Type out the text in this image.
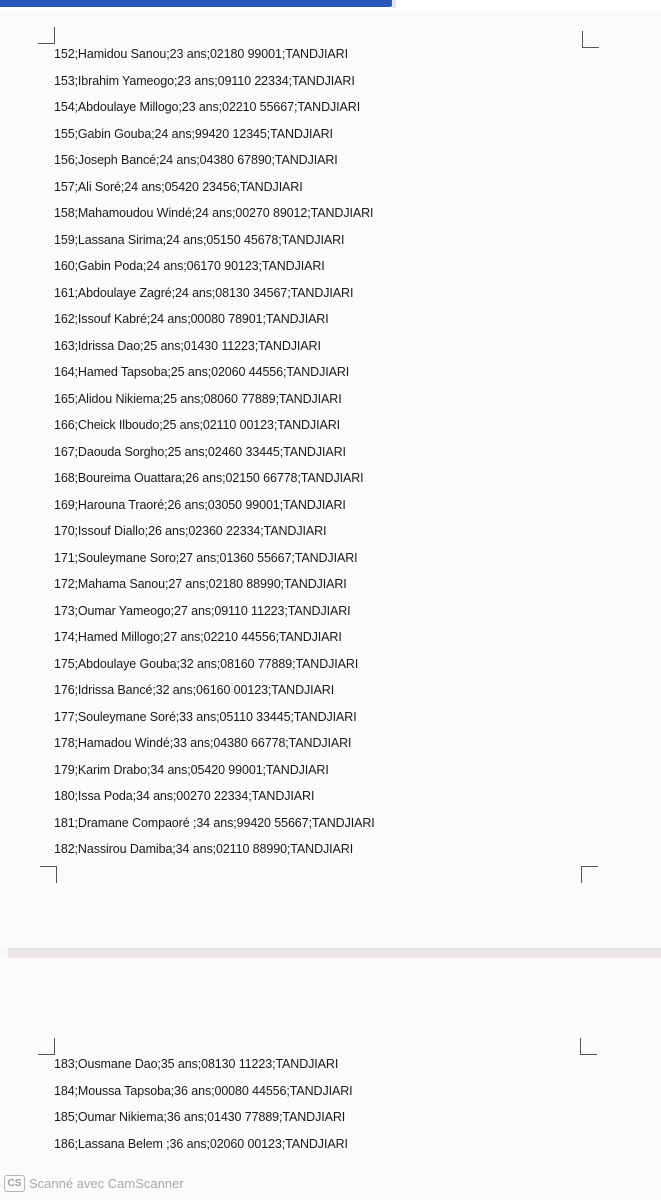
152;Hamidou Sanou;23 ans;02180 99001;TANDJIARI
153;Ibrahim Yameogo;23 ans;09110 22334;TANDJIARI
154;Abdoulaye Millogo;23 ans;02210 55667;TANDJIARI
155;Gabin Gouba;24 ans;99420 12345;TANDJIARI
156;Joseph Bancé;24 ans;04380 67890;TANDJIARI
157;Ali Soré;24 ans;05420 23456;TANDJIARI
158;Mahamoudou Windé;24 ans;00270 89012;TANDJIARI
159;Lassana Sirima;24 ans;05150 45678;TANDJIARI
160;Gabin Poda;24 ans;06170 90123;TANDJIARI
161;Abdoulaye Zagré;24 ans;08130 34567;TANDJIARI
162;Issouf Kabré;24 ans;00080 78901;TANDJIARI
163;Idrissa Dao;25 ans;01430 11223;TANDJIARI
164;Hamed Tapsoba;25 ans;02060 44556;TANDJIARI
165;Alidou Nikiema;25 ans;08060 77889;TANDJIARI
166;Cheick Ilboudo;25 ans;02110 00123;TANDJIARI
167;Daouda Sorgho;25 ans;02460 33445;TANDJIARI
168;Boureima Ouattara;26 ans;02150 66778;TANDJIARI
169;Harouna Traoré;26 ans;03050 99001;TANDJIARI
170;Issouf Diallo;26 ans;02360 22334;TANDJIARI
171;Souleymane Soro;27 ans;01360 55667;TANDJIARI
172;Mahama Sanou;27 ans;02180 88990;TANDJIARI
173;Oumar Yameogo;27 ans;09110 11223;TANDJIARI
174;Hamed Millogo;27 ans;02210 44556;TANDJIARI
175;Abdoulaye Gouba;32 ans;08160 77889;TANDJIARI
176;Idrissa Bancé;32 ans;06160 00123;TANDJIARI
177;Souleymane Soré;33 ans;05110 33445;TANDJIARI
178;Hamadou Windé;33 ans;04380 66778;TANDJIARI
179;Karim Drabo;34 ans;05420 99001;TANDJIARI
180;Issa Poda;34 ans;00270 22334;TANDJIARI
181;Dramane Compaoré ;34 ans;99420 55667;TANDJIARI
182;Nassirou Damiba;34 ans;02110 88990;TANDJIARI
183;Ousmane Dao;35 ans;08130 11223;TANDJIARI
184;Moussa Tapsoba;36 ans;00080 44556;TANDJIARI
185;Oumar Nikiema;36 ans;01430 77889;TANDJIARI
186;Lassana Belem ;36 ans;02060 00123;TANDJIARI
CS Scanné avec CamScanner
